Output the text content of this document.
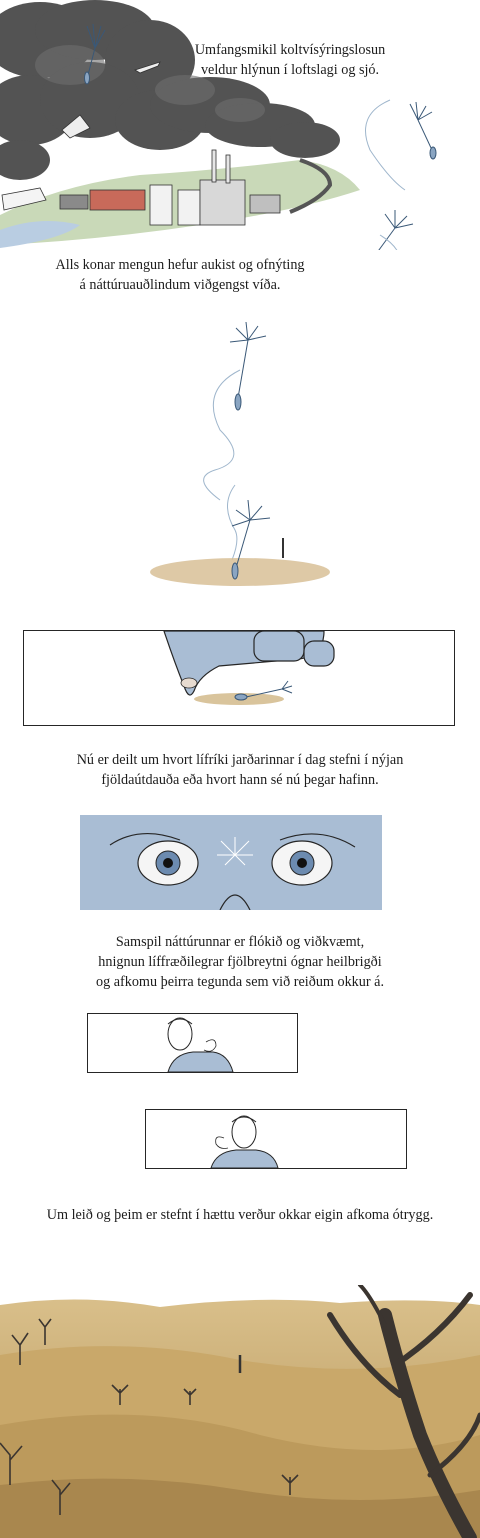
Umfangsmikil koltvísýringslosun
veldur hlýnun í loftslagi og sjó.
Alls konar mengun hefur aukist og ofnýting
á náttúruauðlindum viðgengst víða.
Nú er deilt um hvort lífríki jarðarinnar í dag stefni í nýjan
fjöldaútdauða eða hvort hann sé nú þegar hafinn.
Samspil náttúrunnar er flókið og viðkvæmt,
hnignun líffræðilegrar fjölbreytni ógnar heilbrigði
og afkomu þeirra tegunda sem við reiðum okkur á.
Um leið og þeim er stefnt í hættu verður okkar eigin afkoma ótrygg.
